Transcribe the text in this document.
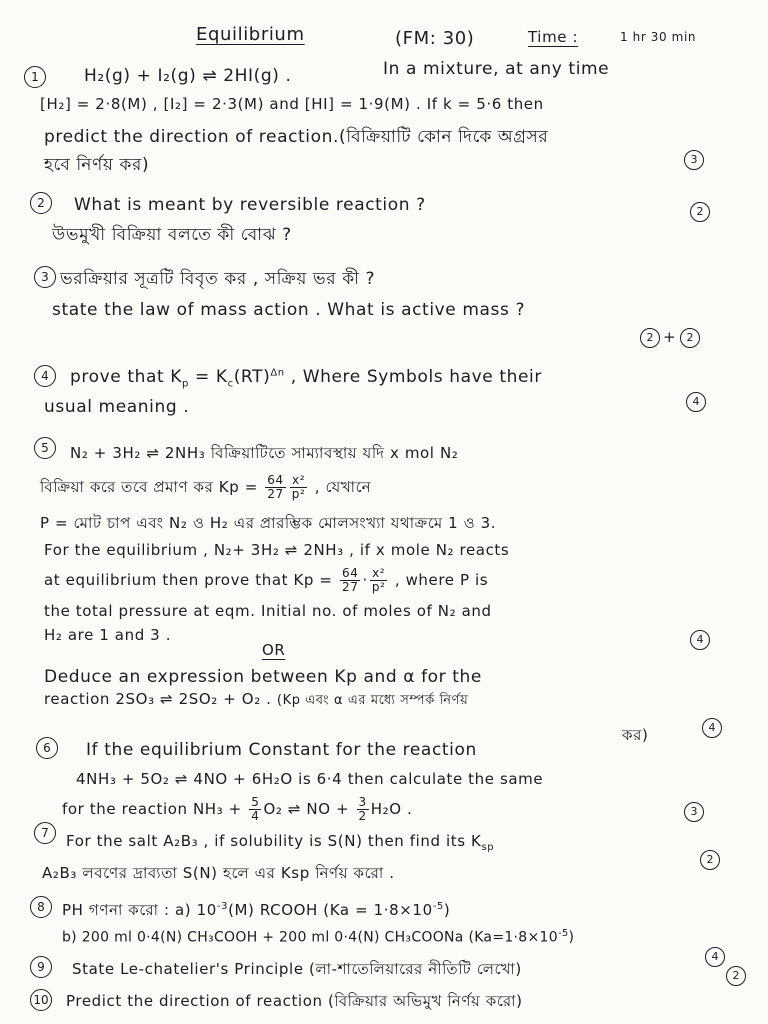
Equilibrium	(FM: 30)	Time :	1 hr 30 min
1	H₂(g) + I₂(g) ⇌ 2HI(g) .	In a mixture, at any time
[H₂] = 2·8(M) , [I₂] = 2·3(M) and [HI] = 1·9(M) . If k = 5·6 then
predict the direction of reaction.(বিক্রিয়াটি কোন দিকে অগ্রসর
হবে নির্ণয় কর)	3
2	What is meant by reversible reaction ?
উভমুখী বিক্রিয়া বলতে কী বোঝ ?
2
3 ভরক্রিয়ার সূত্রটি বিবৃত কর , সক্রিয় ভর কী ?
state the law of mass action . What is active mass ?
2 + 2
4	prove that $K_p = K_c(RT)^{\Delta n}$ , Where Symbols have their
usual meaning .	4
5	N₂ + 3H₂ ⇌ 2NH₃ বিক্রিয়াটিতে সাম্যাবস্থায় যদি x mol N₂
বিক্রিয়া করে তবে প্রমাণ কর $Kp = \frac{64}{27} \frac{\text{x²}}{\text{p²}}$ , যেখানে
P = মোট চাপ এবং N₂ ও H₂ এর প্রারম্ভিক মোলসংখ্যা যথাক্রমে 1 ও 3.
For the equilibrium , N₂+ 3H₂ ⇌ 2NH₃ , if x mole N₂ reacts
at equilibrium then prove that $Kp = \frac{64}{27} \cdot \frac{\text{x²}}{\text{p²}}$ , where P is
the total pressure at eqm. Initial no. of moles of N₂ and
H₂ are 1 and 3 .	4
OR
Deduce an expression between Kp and α for the
reaction 2SO₃ ⇌ 2SO₂ + O₂ . (Kp এবং α এর মধ্যে সম্পর্ক নির্ণয়
কর)	4
6	If the equilibrium Constant for the reaction
4NH₃ + 5O₂ ⇌ 4NO + 6H₂O is 6·4 then calculate the same
for the reaction $NH_3 + \frac{5}{4} O_2$ ⇌ NO + $\frac{3}{2} H_2O$ .	3
7	For the salt A₂B₃ , if solubility is S(N) then find its $K_{sp}$
A₂B₃ লবণের দ্রাব্যতা S(N) হলে এর Ksp নির্ণয় করো .
2
8	PH গণনা করো : a) $10^{-3}(M)$ RCOOH $(Ka = 1\cdot 8\times 10^{-5})$
b) 200 ml 0·4(N) CH₃COOH + 200 ml 0·4(N) CH₃COONa $(Ka=1\cdot 8\times 10^{-5})$
4
9	State Le-chatelier's Principle (লা-শাতেলিয়ারের নীতিটি লেখো)	2
10 Predict the direction of reaction (বিক্রিয়ার অভিমুখ নির্ণয় করো)
